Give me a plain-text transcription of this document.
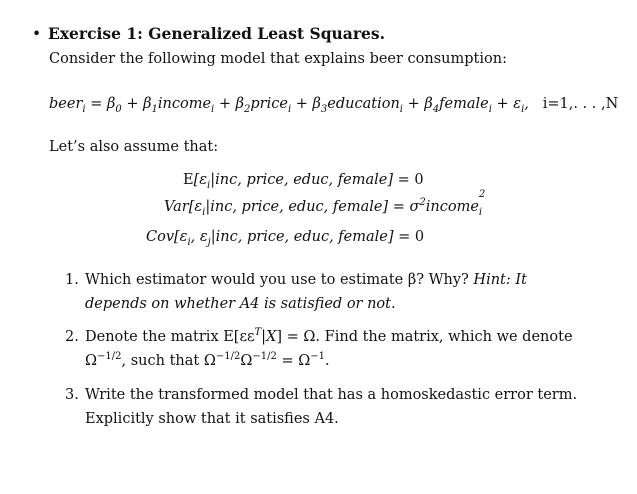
• Exercise 1: Generalized Least Squares.
Consider the following model that explains beer consumption:
beer$_i$ = $\beta_0$ + $\beta_1income_i$ + $\beta_2price_i$ + $\beta_3education_i$ + $\beta_4female_i + \varepsilon_i$,   i=1,. . . ,N
Let’s also assume that:
$E[\varepsilon_i|inc$, price, educ, female] = 0
$Var[\varepsilon_i|inc$, price, educ, female] = $\sigma^2income$
$_{2 i}$
$Cov[\varepsilon_i$, $\varepsilon_j|inc$, price, educ, female] = 0
1. Which estimator would you use to estimate β? Why? Hint: It depends on whether A4 is satisfied or not.
2. Denote the matrix $E[\varepsilon\varepsilon^T|X] = \Omega$. Find the matrix, which we denote $\Omega^{-1/2}$, such that $\Omega^{-1/2}\Omega^{-1/2} = \Omega^{-1}$.
3. Write the transformed model that has a homoskedastic error term. Explicitly show that it satisfies A4.
